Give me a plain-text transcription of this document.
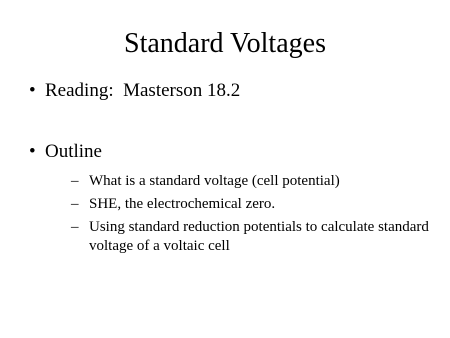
Standard Voltages
• Reading:  Masterson 18.2
• Outline
– What is a standard voltage (cell potential)
– SHE, the electrochemical zero.
– Using standard reduction potentials to calculate standard voltage of a voltaic cell
